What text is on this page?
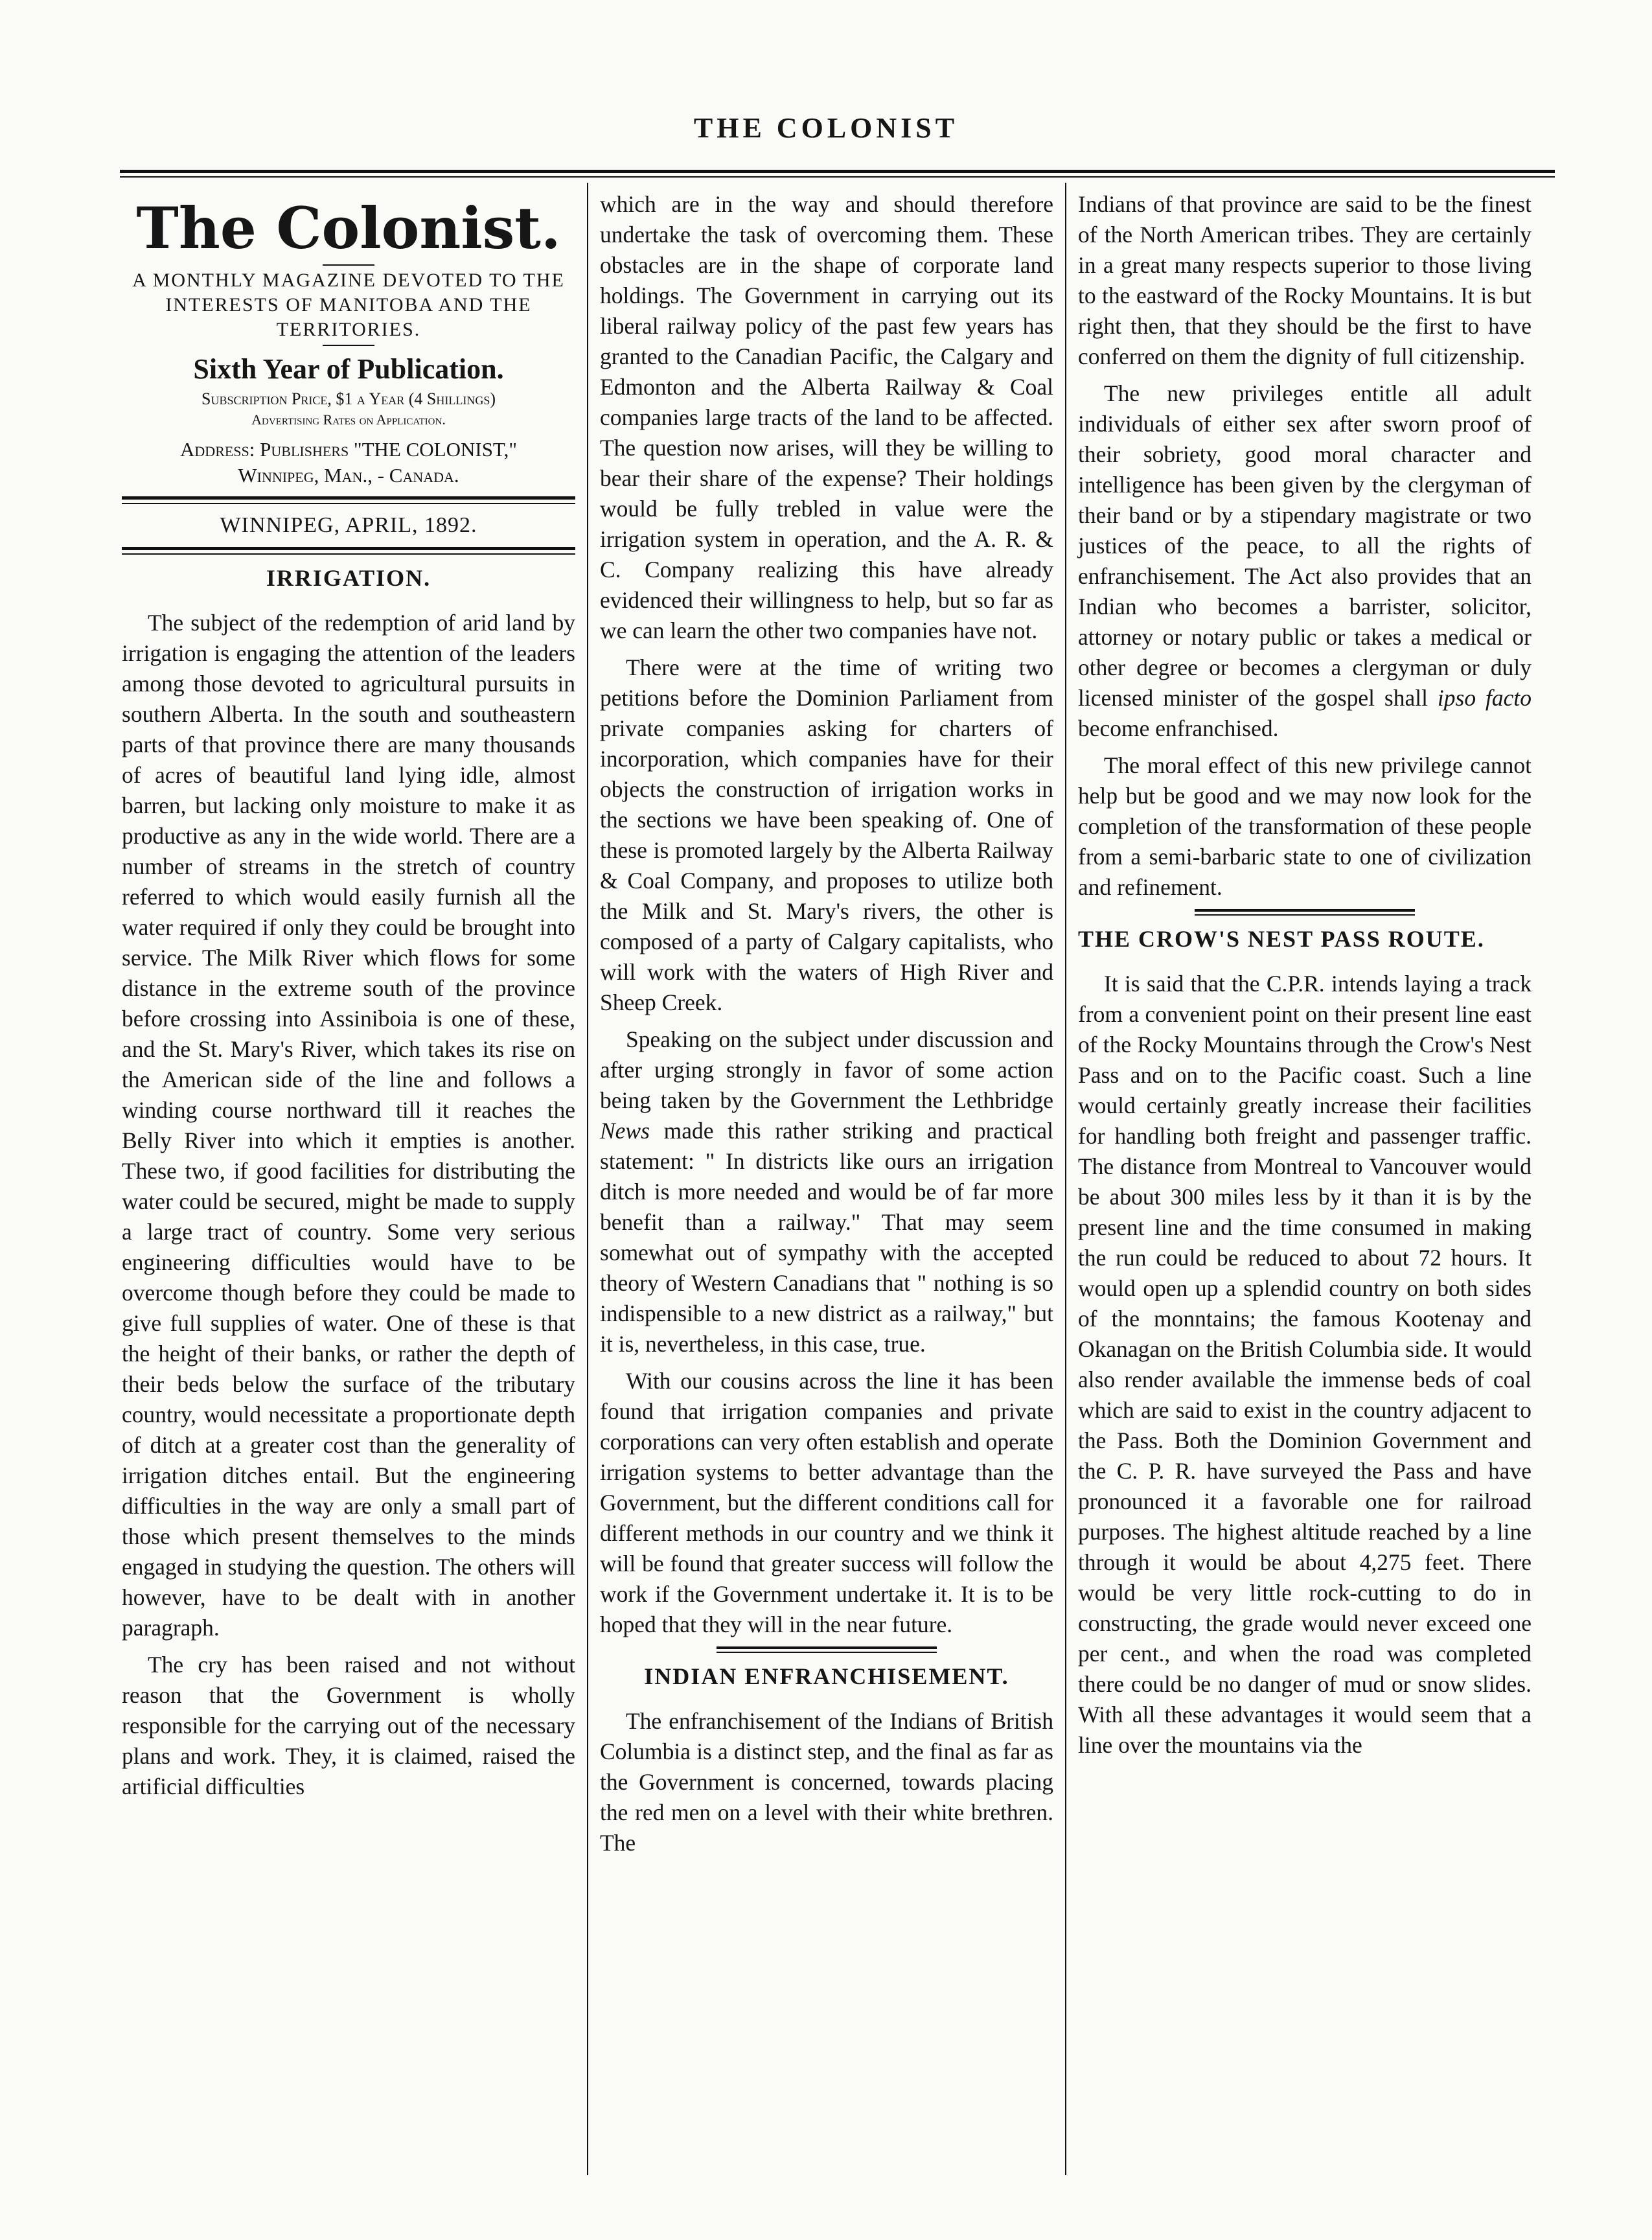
THE COLONIST
The Colonist.
A MONTHLY MAGAZINE DEVOTED TO THE INTERESTS OF MANITOBA AND THE TERRITORIES.
Sixth Year of Publication.
Subscription Price, $1 a Year (4 Shillings)
Advertising Rates on Application.
Address: Publishers "THE COLONIST,"
Winnipeg, Man., - Canada.
WINNIPEG, APRIL, 1892.
IRRIGATION.

The subject of the redemption of arid land by irrigation is engaging the attention of the leaders among those devoted to agricultural pursuits in southern Alberta. In the south and southeastern parts of that province there are many thousands of acres of beautiful land lying idle, almost barren, but lacking only moisture to make it as productive as any in the wide world. There are a number of streams in the stretch of country referred to which would easily furnish all the water required if only they could be brought into service. The Milk River which flows for some distance in the extreme south of the province before crossing into Assiniboia is one of these, and the St. Mary's River, which takes its rise on the American side of the line and follows a winding course northward till it reaches the Belly River into which it empties is another. These two, if good facilities for distributing the water could be secured, might be made to supply a large tract of country. Some very serious engineering difficulties would have to be overcome though before they could be made to give full supplies of water. One of these is that the height of their banks, or rather the depth of their beds below the surface of the tributary country, would necessitate a proportionate depth of ditch at a greater cost than the generality of irrigation ditches entail. But the engineering difficulties in the way are only a small part of those which present themselves to the minds engaged in studying the question. The others will however, have to be dealt with in another paragraph.

The cry has been raised and not without reason that the Government is wholly responsible for the carrying out of the necessary plans and work. They, it is claimed, raised the artificial difficulties

which are in the way and should therefore undertake the task of overcoming them. These obstacles are in the shape of corporate land holdings. The Government in carrying out its liberal railway policy of the past few years has granted to the Canadian Pacific, the Calgary and Edmonton and the Alberta Railway & Coal companies large tracts of the land to be affected. The question now arises, will they be willing to bear their share of the expense? Their holdings would be fully trebled in value were the irrigation system in operation, and the A. R. & C. Company realizing this have already evidenced their willingness to help, but so far as we can learn the other two companies have not.

There were at the time of writing two petitions before the Dominion Parliament from private companies asking for charters of incorporation, which companies have for their objects the construction of irrigation works in the sections we have been speaking of. One of these is promoted largely by the Alberta Railway & Coal Company, and proposes to utilize both the Milk and St. Mary's rivers, the other is composed of a party of Calgary capitalists, who will work with the waters of High River and Sheep Creek.

Speaking on the subject under discussion and after urging strongly in favor of some action being taken by the Government the Lethbridge News made this rather striking and practical statement: " In districts like ours an irrigation ditch is more needed and would be of far more benefit than a railway." That may seem somewhat out of sympathy with the accepted theory of Western Canadians that " nothing is so indispensible to a new district as a railway," but it is, nevertheless, in this case, true.

With our cousins across the line it has been found that irrigation companies and private corporations can very often establish and operate irrigation systems to better advantage than the Government, but the different conditions call for different methods in our country and we think it will be found that greater success will follow the work if the Government undertake it. It is to be hoped that they will in the near future.

INDIAN ENFRANCHISEMENT.

The enfranchisement of the Indians of British Columbia is a distinct step, and the final as far as the Government is concerned, towards placing the red men on a level with their white brethren. The

Indians of that province are said to be the finest of the North American tribes. They are certainly in a great many respects superior to those living to the eastward of the Rocky Mountains. It is but right then, that they should be the first to have conferred on them the dignity of full citizenship.

The new privileges entitle all adult individuals of either sex after sworn proof of their sobriety, good moral character and intelligence has been given by the clergyman of their band or by a stipendary magistrate or two justices of the peace, to all the rights of enfranchisement. The Act also provides that an Indian who becomes a barrister, solicitor, attorney or notary public or takes a medical or other degree or becomes a clergyman or duly licensed minister of the gospel shall ipso facto become enfranchised.

The moral effect of this new privilege cannot help but be good and we may now look for the completion of the transformation of these people from a semi-barbaric state to one of civilization and refinement.

THE CROW'S NEST PASS ROUTE.

It is said that the C.P.R. intends laying a track from a convenient point on their present line east of the Rocky Mountains through the Crow's Nest Pass and on to the Pacific coast. Such a line would certainly greatly increase their facilities for handling both freight and passenger traffic. The distance from Montreal to Vancouver would be about 300 miles less by it than it is by the present line and the time consumed in making the run could be reduced to about 72 hours. It would open up a splendid country on both sides of the monntains; the famous Kootenay and Okanagan on the British Columbia side. It would also render available the immense beds of coal which are said to exist in the country adjacent to the Pass. Both the Dominion Government and the C. P. R. have surveyed the Pass and have pronounced it a favorable one for railroad purposes. The highest altitude reached by a line through it would be about 4,275 feet. There would be very little rock-cutting to do in constructing, the grade would never exceed one per cent., and when the road was completed there could be no danger of mud or snow slides. With all these advantages it would seem that a line over the mountains via the
